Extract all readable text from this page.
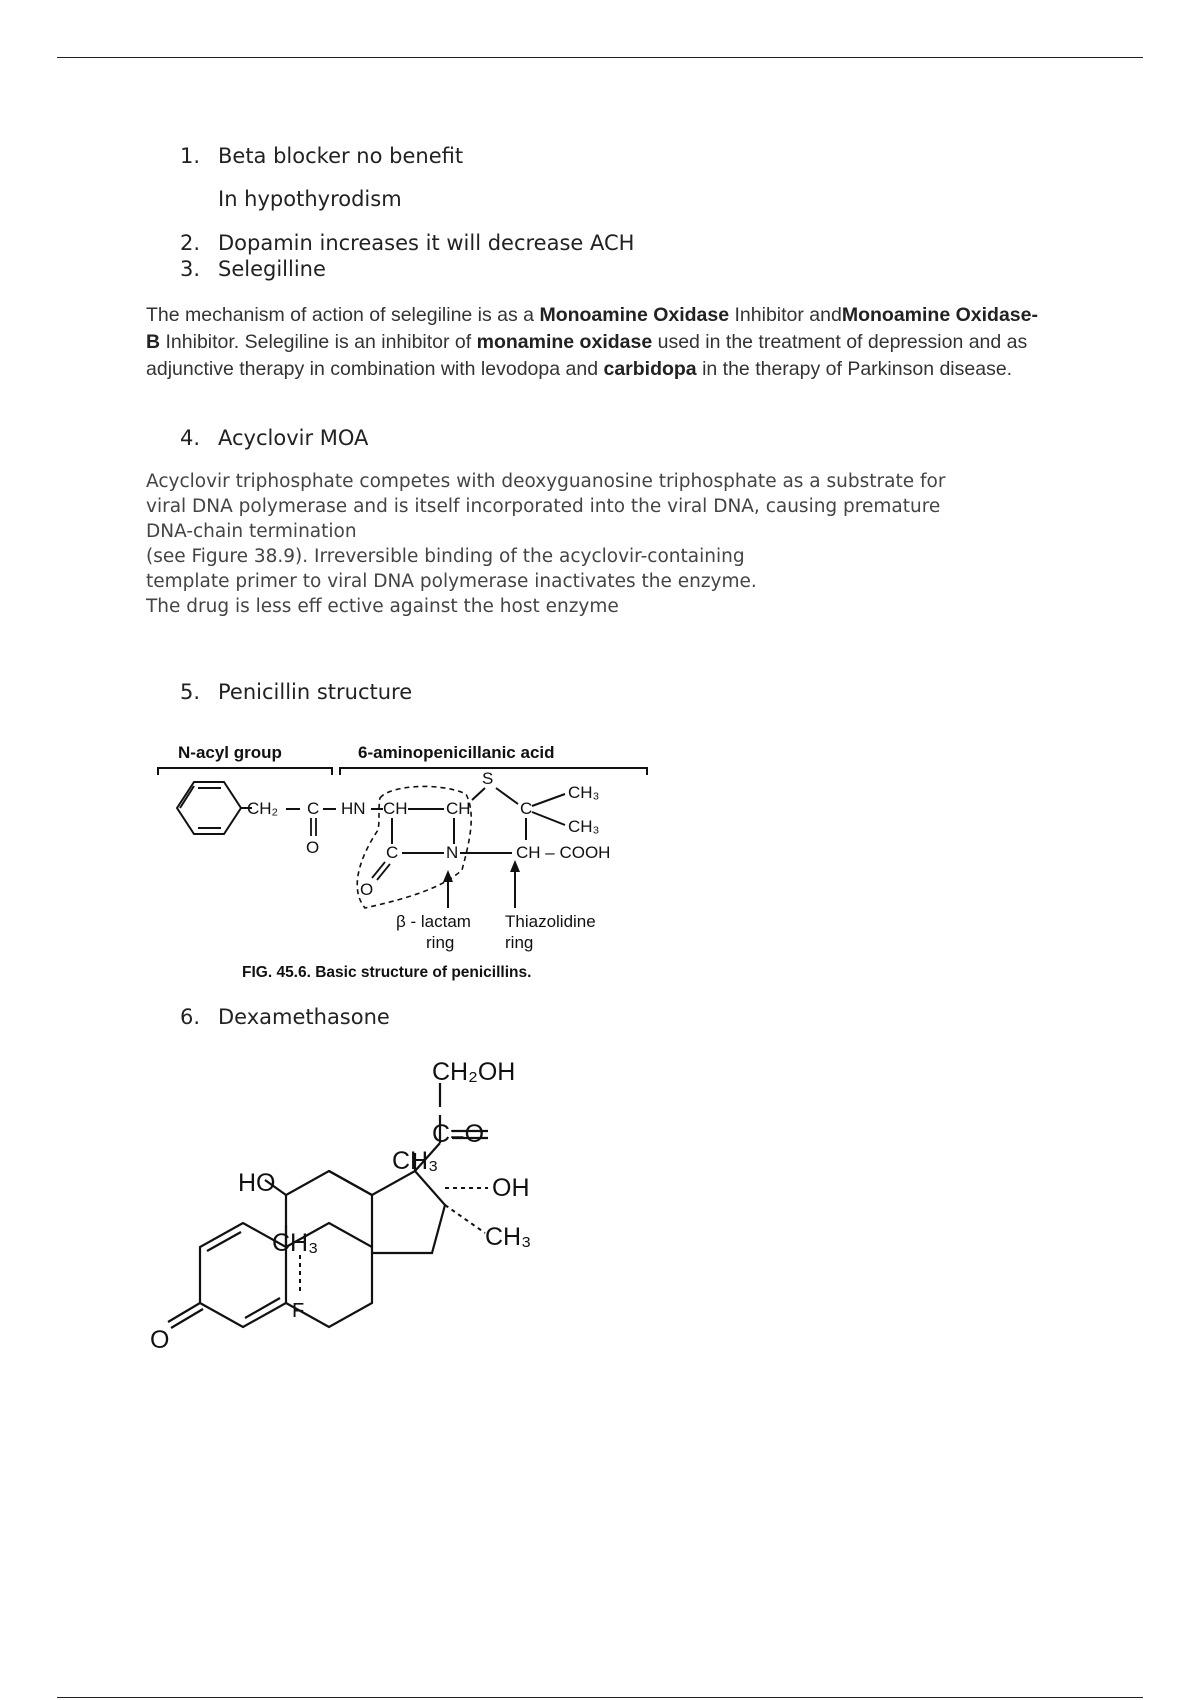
1. Beta blocker no benefit
In hypothyrodism
2. Dopamin increases it will decrease ACH
3. Selegilline
The mechanism of action of selegiline is as a Monoamine Oxidase Inhibitor andMonoamine Oxidase-B Inhibitor. Selegiline is an inhibitor of monamine oxidase used in the treatment of depression and as adjunctive therapy in combination with levodopa and carbidopa in the therapy of Parkinson disease.
4. Acyclovir MOA
Acyclovir triphosphate competes with deoxyguanosine triphosphate as a substrate for
viral DNA polymerase and is itself incorporated into the viral DNA, causing premature
DNA-chain termination
(see Figure 38.9). Irreversible binding of the acyclovir-containing
template primer to viral DNA polymerase inactivates the enzyme.
The drug is less eff ective against the host enzyme
5. Penicillin structure
N-acyl group	6-aminopenicillanic acid
CH₂ C HN
O
CH CH
S
C
CH₃
CH₃
CH – COOH
C	N
O
β - lactam
ring
Thiazolidine
ring
FIG. 45.6. Basic structure of penicillins.
6. Dexamethasone
CH₂OH
C=O
CH₃
OH
CH₃
HO
CH₃
F
O
